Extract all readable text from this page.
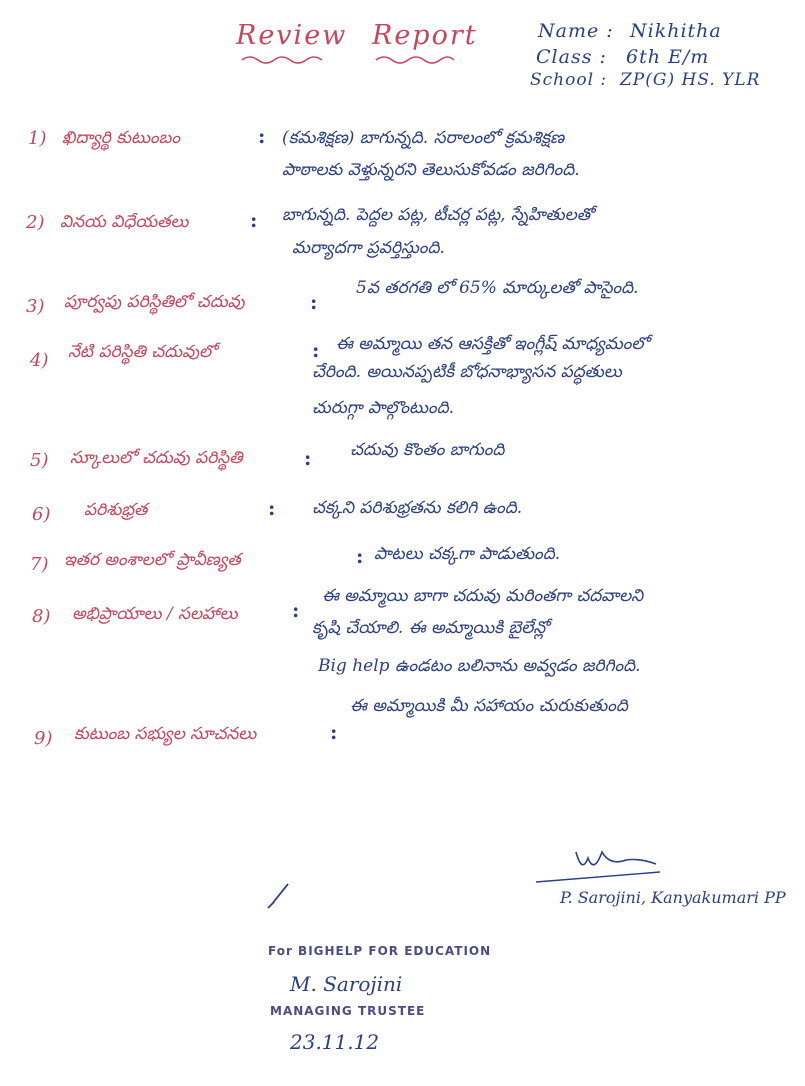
Review Report	Name : Nikhitha
Class : 6th E/m
School : ZP(G) HS. YLR
1) ఖిద్యార్థి కుటుంబం	: (కమశిక్షణ) బాగున్నది. సరాలంలో క్రమశిక్షణ
పాఠాలకు వెళ్తున్నరని తెలుసుకోవడం జరిగింది.
2) వినయ విధేయతలు	: బాగున్నది. పెద్దల పట్ల, టీచర్ల పట్ల, స్నేహితులతో
మర్యాదగా ప్రవర్తిస్తుంది.
3) పూర్వపు పరిస్థితిలో చదువు	:
5వ తరగతి లో 65% మార్కులతో పాసైంది.
4) నేటి పరిస్థితి చదువులో	: ఈ అమ్మాయి తన ఆసక్తితో ఇంగ్లీష్ మాధ్యమంలో
చేరింది. అయినప్పటికీ బోధనాభ్యాసన పద్ధతులు
చురుగ్గా పాల్గొంటుంది.
5) స్కూలులో చదువు పరిస్థితి	: చదువు కొంతం బాగుంది
6) పరిశుభ్రత	: చక్కని పరిశుభ్రతను కలిగి ఉంది.
7) ఇతర అంశాలలో ప్రావీణ్యత	: పాటలు చక్కగా పాడుతుంది.
8) అభిప్రాయాలు / సలహాలు	:
ఈ అమ్మాయి బాగా చదువు మరింతగా చదవాలని
కృషి చేయాలి. ఈ అమ్మాయికి బైలేన్లో
Big help ఉండటం బలినాను అవ్వడం జరిగింది.
9) కుటుంబ సభ్యుల సూచనలు	:
ఈ అమ్మాయికి మీ సహాయం చురుకుతుంది
P. Sarojini, Kanyakumari PP
For BIGHELP FOR EDUCATION
M. Sarojini
MANAGING TRUSTEE
23.11.12
